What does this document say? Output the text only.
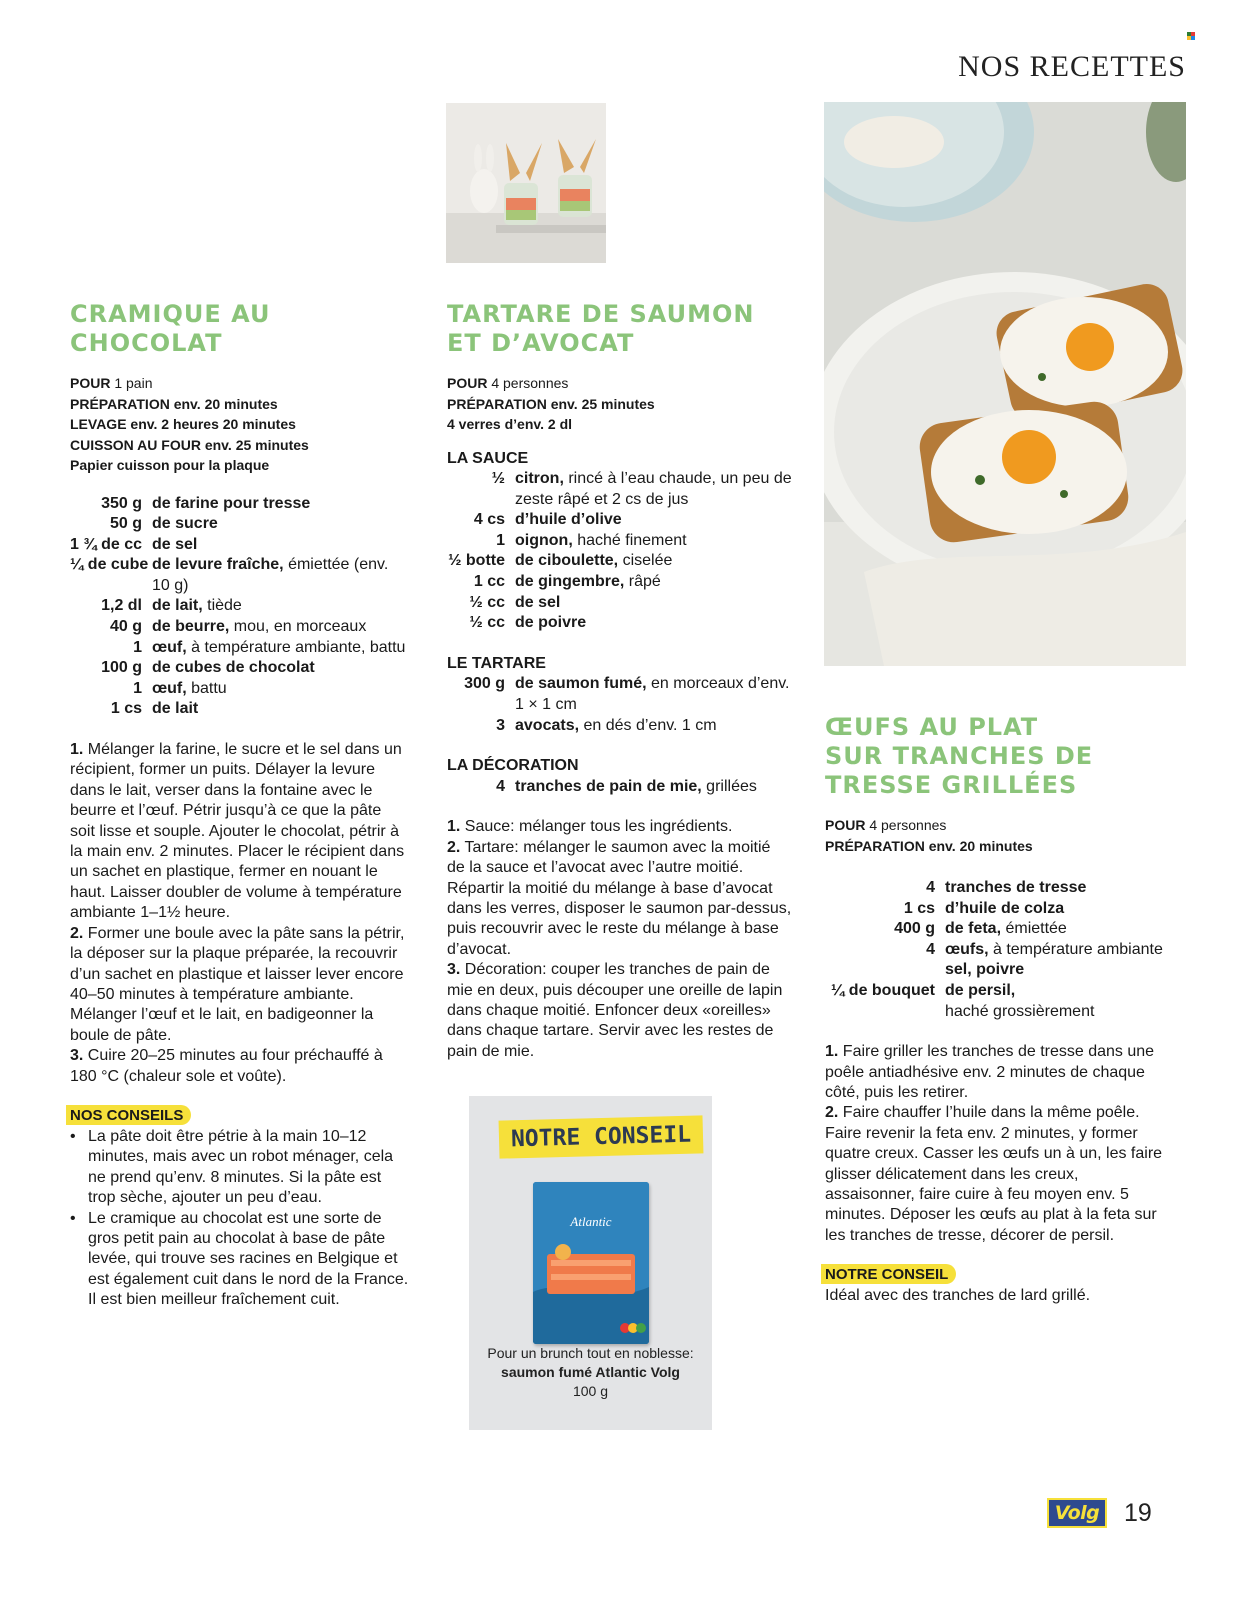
NOS RECETTES
CRAMIQUE AU
CHOCOLAT
POUR 1 pain
PRÉPARATION env. 20 minutes
LEVAGE env. 2 heures 20 minutes
CUISSON AU FOUR env. 25 minutes
Papier cuisson pour la plaque
350 g de farine pour tresse
50 g de sucre
1 ¾ de cc de sel
¼ de cube de levure fraîche, émiettée (env. 10 g)
1,2 dl de lait, tiède
40 g de beurre, mou, en morceaux
1 œuf, à température ambiante, battu
100 g de cubes de chocolat
1 œuf, battu
1 cs de lait
1. Mélanger la farine, le sucre et le sel dans un récipient, former un puits. Délayer la levure dans le lait, verser dans la fontaine avec le beurre et l’œuf. Pétrir jusqu’à ce que la pâte soit lisse et souple. Ajouter le chocolat, pétrir à la main env. 2 minutes. Placer le récipient dans un sachet en plastique, fermer en nouant le haut. Laisser doubler de volume à température ambiante 1–1½ heure.
2. Former une boule avec la pâte sans la pétrir, la déposer sur la plaque préparée, la recouvrir d’un sachet en plastique et laisser lever encore 40–50 minutes à température ambiante. Mélanger l’œuf et le lait, en badigeonner la boule de pâte.
3. Cuire 20–25 minutes au four préchauffé à 180 °C (chaleur sole et voûte).
NOS CONSEILS
• La pâte doit être pétrie à la main 10–12 minutes, mais avec un robot ménager, cela ne prend qu’env. 8 minutes. Si la pâte est trop sèche, ajouter un peu d’eau.
• Le cramique au chocolat est une sorte de gros petit pain au chocolat à base de pâte levée, qui trouve ses racines en Belgique et est également cuit dans le nord de la France. Il est bien meilleur fraîchement cuit.
TARTARE DE SAUMON
ET D’AVOCAT
POUR 4 personnes
PRÉPARATION env. 25 minutes
4 verres d’env. 2 dl
LA SAUCE
½ citron, rincé à l’eau chaude, un peu de zeste râpé et 2 cs de jus
4 cs d’huile d’olive
1 oignon, haché finement
½ botte de ciboulette, ciselée
1 cc de gingembre, râpé
½ cc de sel
½ cc de poivre
LE TARTARE
300 g de saumon fumé, en morceaux d’env. 1 × 1 cm
3 avocats, en dés d’env. 1 cm
LA DÉCORATION
4 tranches de pain de mie, grillées
1. Sauce: mélanger tous les ingrédients.
2. Tartare: mélanger le saumon avec la moitié de la sauce et l’avocat avec l’autre moitié. Répartir la moitié du mélange à base d’avocat dans les verres, disposer le saumon par-dessus, puis recouvrir avec le reste du mélange à base d’avocat.
3. Décoration: couper les tranches de pain de mie en deux, puis découper une oreille de lapin dans chaque moitié. Enfoncer deux «oreilles» dans chaque tartare. Servir avec les restes de pain de mie.
ŒUFS AU PLAT
SUR TRANCHES DE
TRESSE GRILLÉES
POUR 4 personnes
PRÉPARATION env. 20 minutes
4 tranches de tresse
1 cs d’huile de colza
400 g de feta, émiettée
4 œufs, à température ambiante
sel, poivre
¼ de bouquet de persil,
haché grossièrement
1. Faire griller les tranches de tresse dans une poêle antiadhésive env. 2 minutes de chaque côté, puis les retirer.
2. Faire chauffer l’huile dans la même poêle. Faire revenir la feta env. 2 minutes, y former quatre creux. Casser les œufs un à un, les faire glisser délicatement dans les creux, assaisonner, faire cuire à feu moyen env. 5 minutes. Déposer les œufs au plat à la feta sur les tranches de tresse, décorer de persil.
NOTRE CONSEIL
Idéal avec des tranches de lard grillé.
NOTRE CONSEIL
Atlantic
Pour un brunch tout en noblesse:
saumon fumé Atlantic Volg
100 g
Volg 19
